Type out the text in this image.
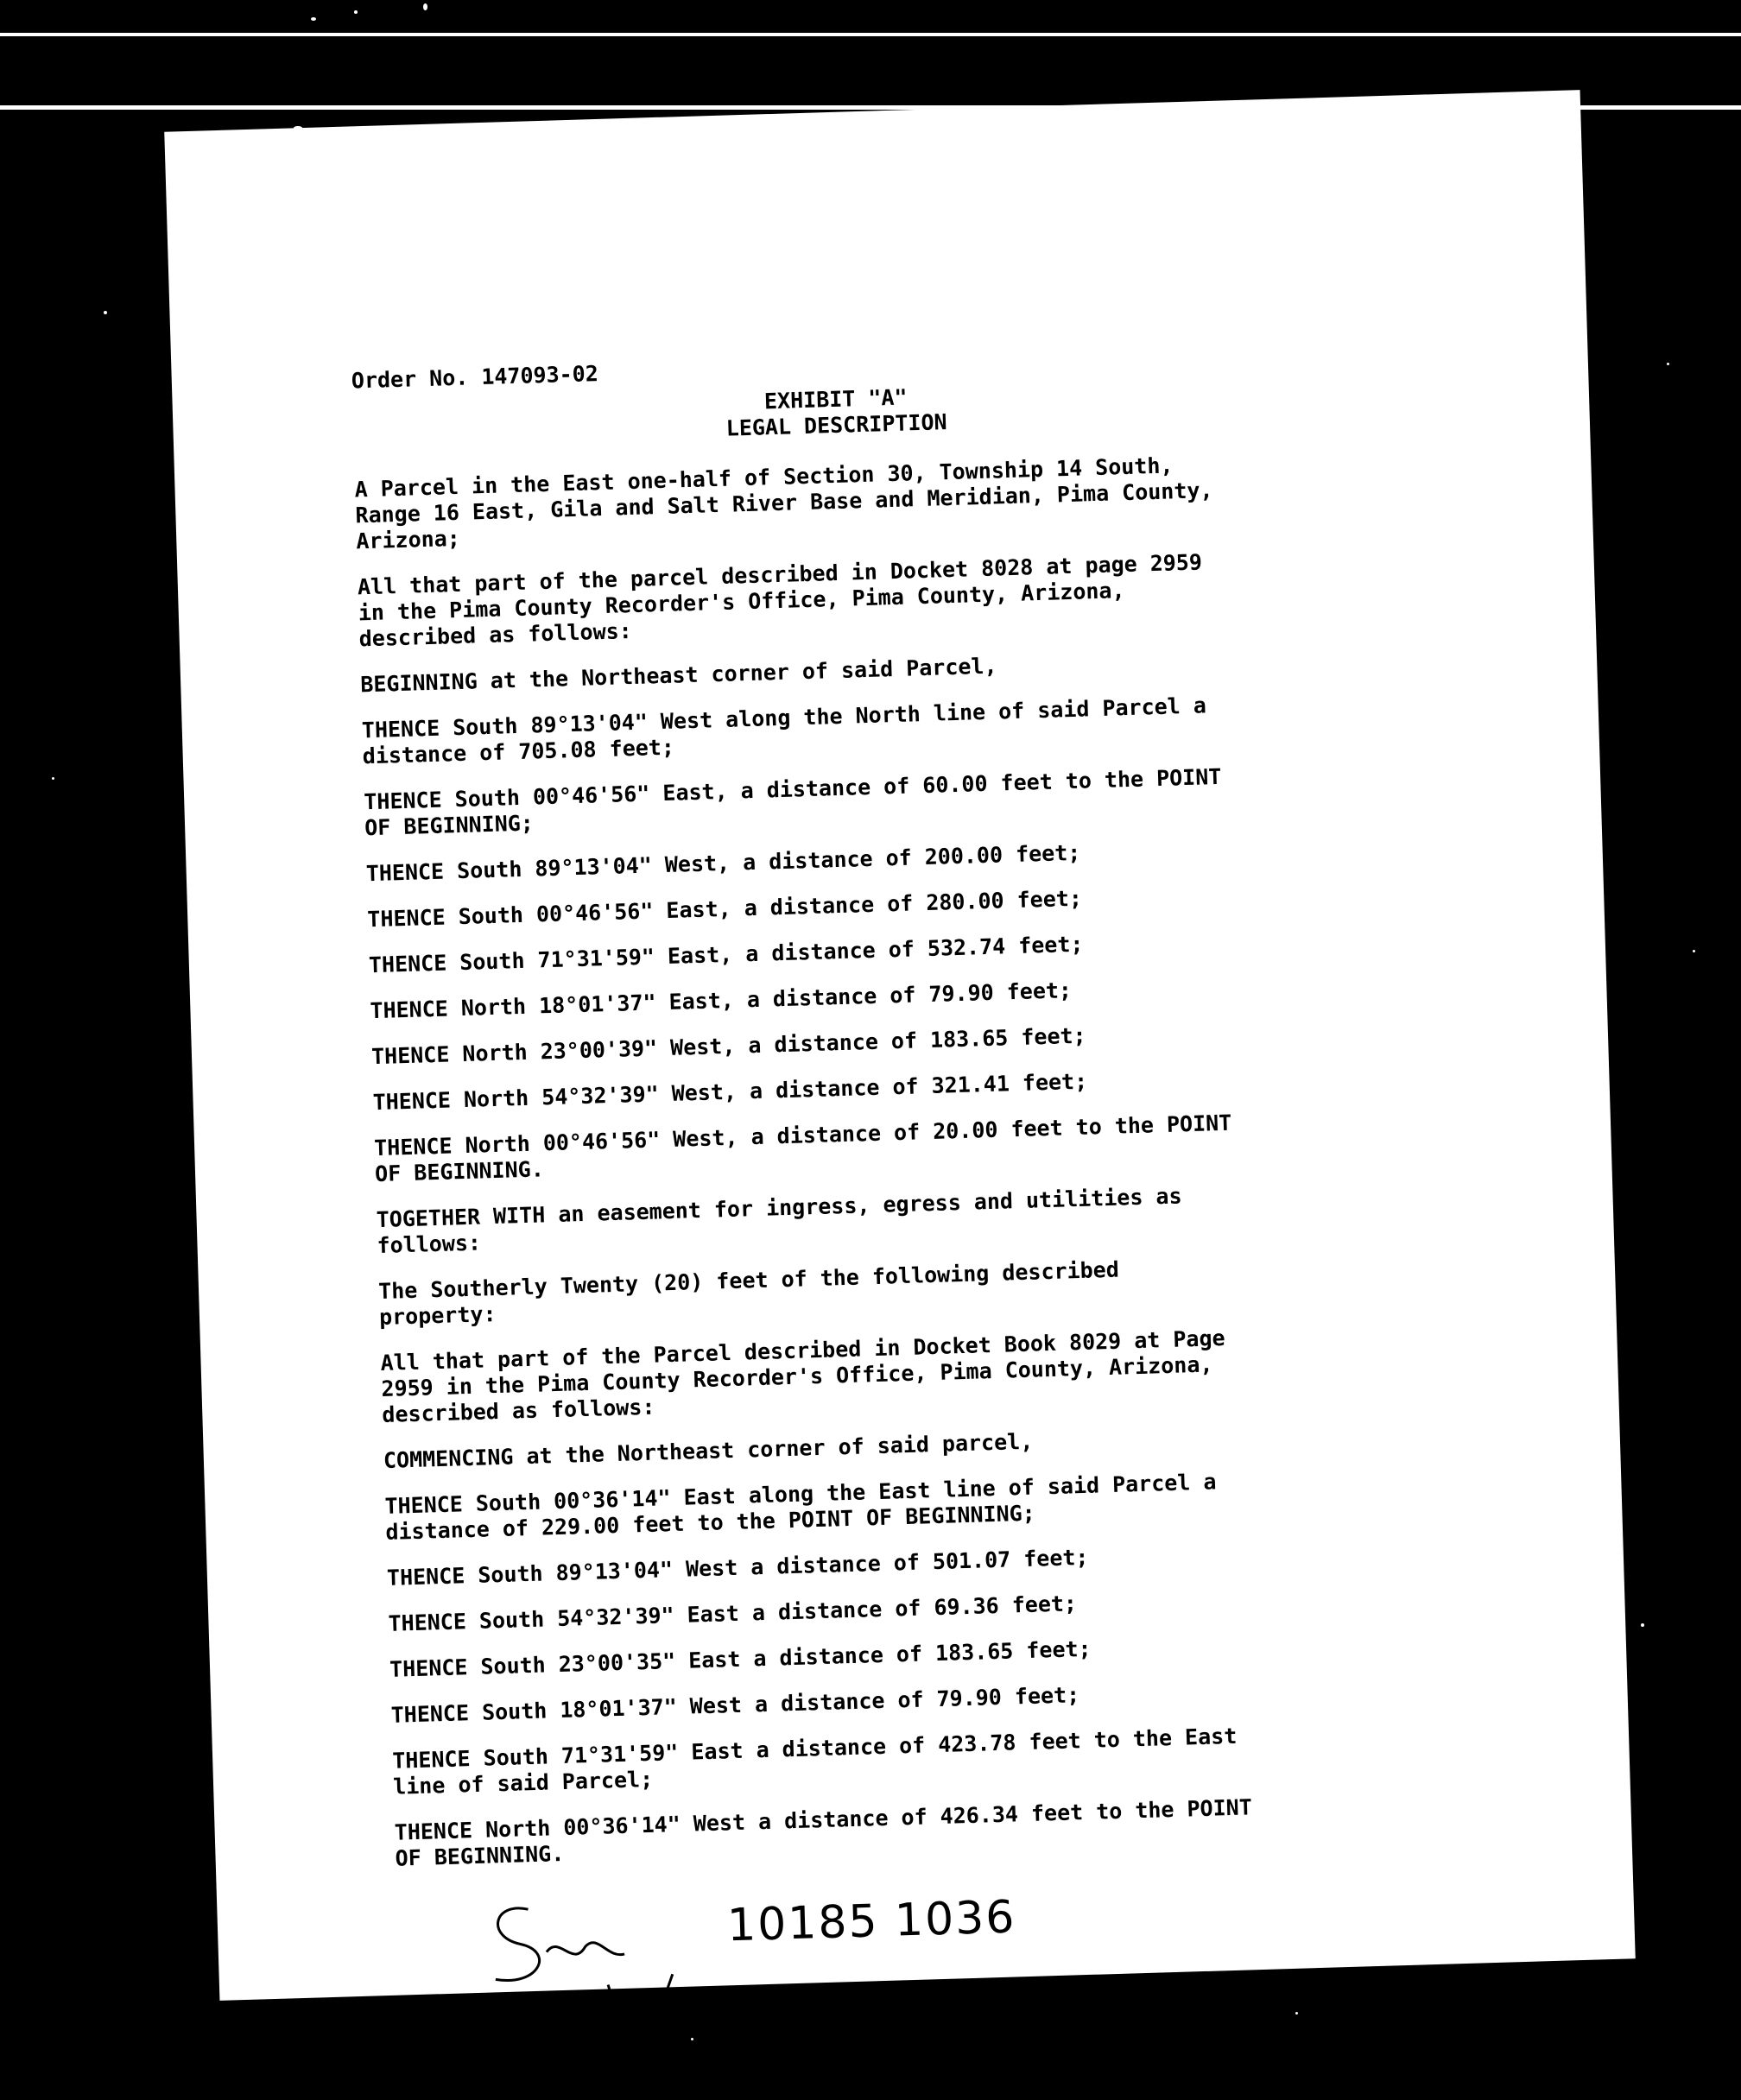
Order No. 147093-02
EXHIBIT "A"
LEGAL DESCRIPTION
A Parcel in the East one-half of Section 30, Township 14 South,
Range 16 East, Gila and Salt River Base and Meridian, Pima County,
Arizona;
All that part of the parcel described in Docket 8028 at page 2959
in the Pima County Recorder's Office, Pima County, Arizona,
described as follows:
BEGINNING at the Northeast corner of said Parcel,
THENCE South 89°13'04" West along the North line of said Parcel a
distance of 705.08 feet;
THENCE South 00°46'56" East, a distance of 60.00 feet to the POINT
OF BEGINNING;
THENCE South 89°13'04" West, a distance of 200.00 feet;
THENCE South 00°46'56" East, a distance of 280.00 feet;
THENCE South 71°31'59" East, a distance of 532.74 feet;
THENCE North 18°01'37" East, a distance of 79.90 feet;
THENCE North 23°00'39" West, a distance of 183.65 feet;
THENCE North 54°32'39" West, a distance of 321.41 feet;
THENCE North 00°46'56" West, a distance of 20.00 feet to the POINT
OF BEGINNING.
TOGETHER WITH an easement for ingress, egress and utilities as
follows:
The Southerly Twenty (20) feet of the following described
property:
All that part of the Parcel described in Docket Book 8029 at Page
2959 in the Pima County Recorder's Office, Pima County, Arizona,
described as follows:
COMMENCING at the Northeast corner of said parcel,
THENCE South 00°36'14" East along the East line of said Parcel a
distance of 229.00 feet to the POINT OF BEGINNING;
THENCE South 89°13'04" West a distance of 501.07 feet;
THENCE South 54°32'39" East a distance of 69.36 feet;
THENCE South 23°00'35" East a distance of 183.65 feet;
THENCE South 18°01'37" West a distance of 79.90 feet;
THENCE South 71°31'59" East a distance of 423.78 feet to the East
line of said Parcel;
THENCE North 00°36'14" West a distance of 426.34 feet to the POINT
OF BEGINNING.
10185 1036
